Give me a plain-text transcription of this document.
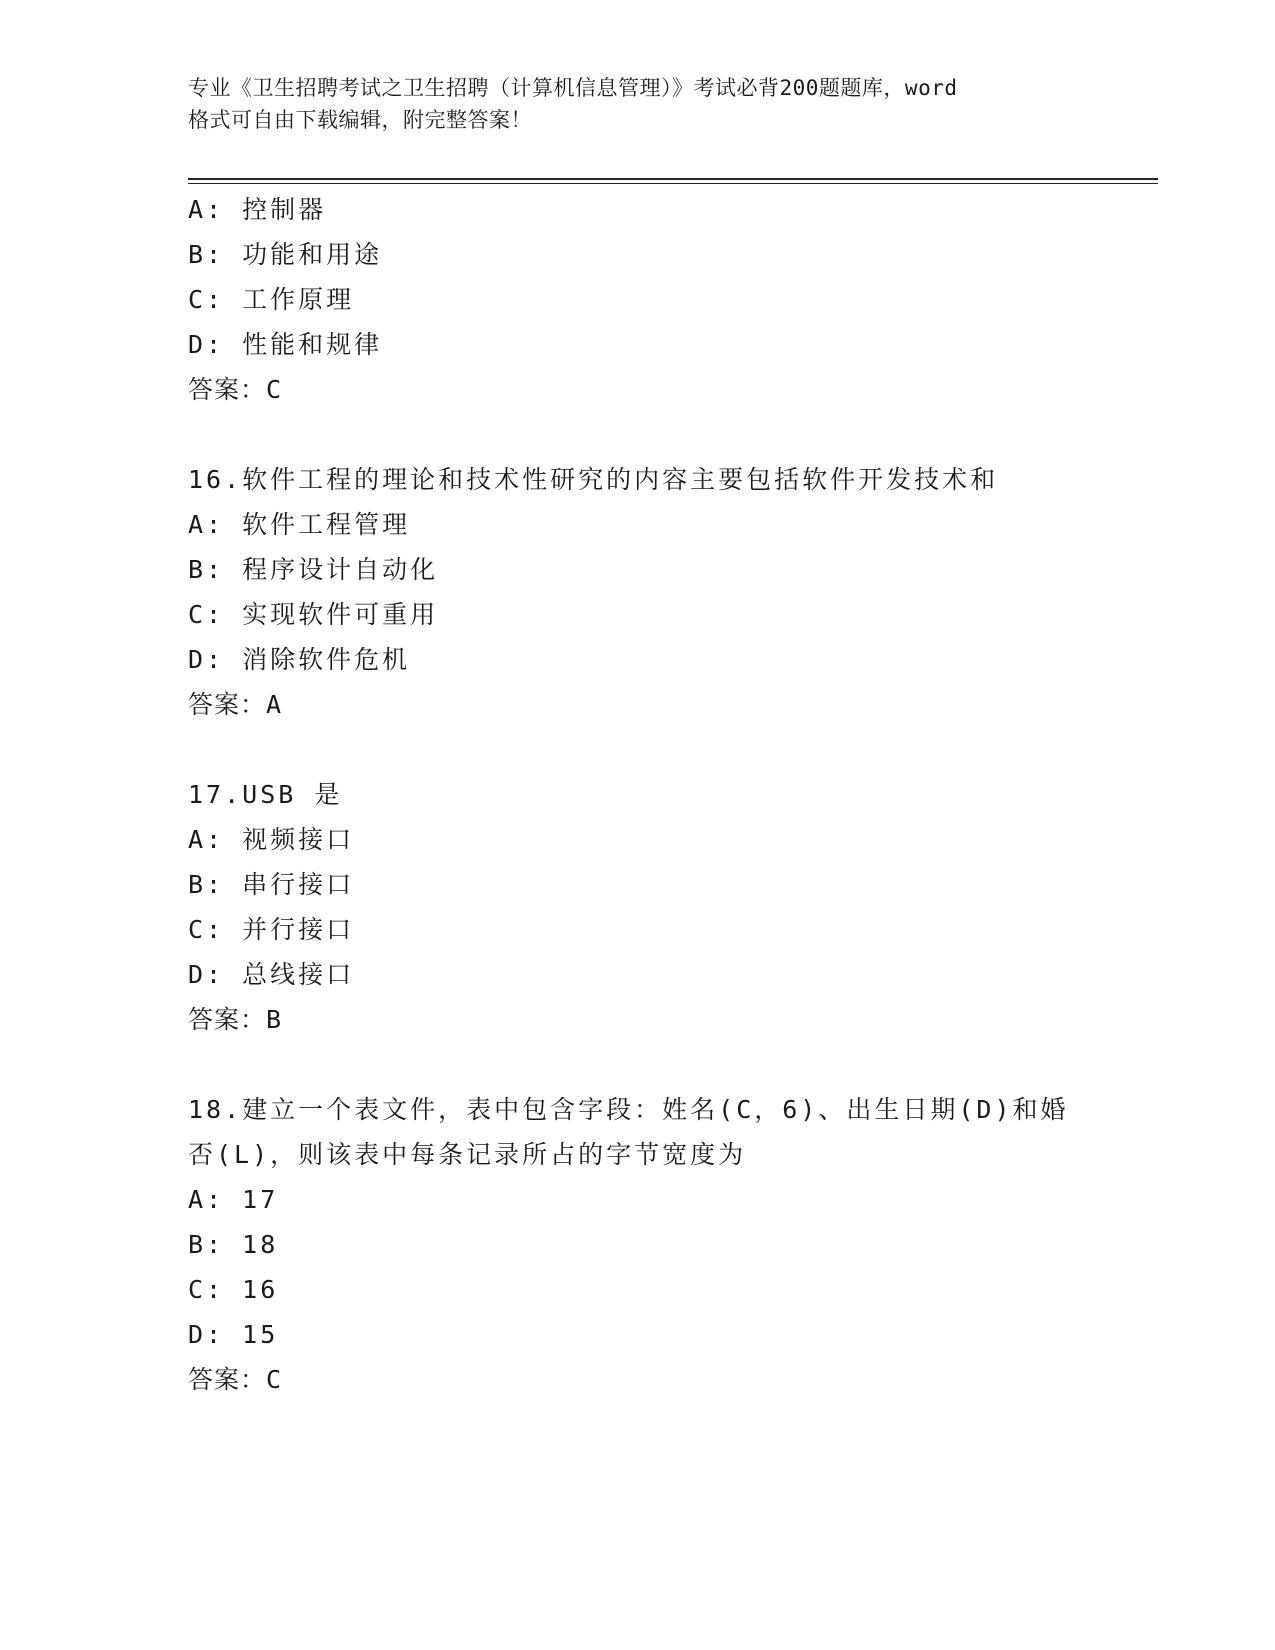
专业《卫生招聘考试之卫生招聘（计算机信息管理）》考试必背200题题库，word
格式可自由下载编辑，附完整答案！
A: 控制器
B: 功能和用途
C: 工作原理
D: 性能和规律
答案：C
16.软件工程的理论和技术性研究的内容主要包括软件开发技术和
A: 软件工程管理
B: 程序设计自动化
C: 实现软件可重用
D: 消除软件危机
答案：A
17.USB 是
A: 视频接口
B: 串行接口
C: 并行接口
D: 总线接口
答案：B
18.建立一个表文件，表中包含字段：姓名(C，6)、出生日期(D)和婚
否(L)，则该表中每条记录所占的字节宽度为
A: 17
B: 18
C: 16
D: 15
答案：C
